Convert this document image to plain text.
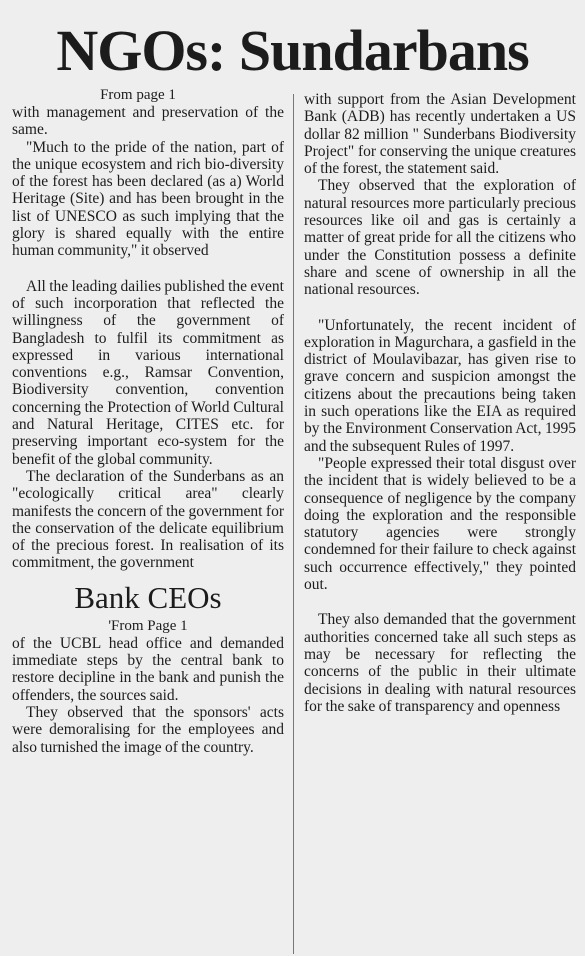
NGOs: Sundarbans
From page 1

with management and preservation of the same.

"Much to the pride of the nation, part of the unique ecosystem and rich bio-diversity of the forest has been declared (as a) World Heritage (Site) and has been brought in the list of UNESCO as such implying that the glory is shared equally with the entire human community," it observed

All the leading dailies published the event of such incorporation that reflected the willingness of the government of Bangladesh to fulfil its commitment as expressed in various international conventions e.g., Ramsar Convention, Biodiversity convention, convention concerning the Protection of World Cultural and Natural Heritage, CITES etc. for preserving important eco-system for the benefit of the global community.

The declaration of the Sunderbans as an "ecologically critical area" clearly manifests the concern of the government for the conservation of the delicate equilibrium of the precious forest. In realisation of its commitment, the government

Bank CEOs
'From Page 1

of the UCBL head office and demanded immediate steps by the central bank to restore decipline in the bank and punish the offenders, the sources said.

They observed that the sponsors' acts were demoralising for the employees and also turnished the image of the country.

with support from the Asian Development Bank (ADB) has recently undertaken a US dollar 82 million " Sunderbans Biodiversity Project" for conserving the unique creatures of the forest, the statement said.

They observed that the exploration of natural resources more particularly precious resources like oil and gas is certainly a matter of great pride for all the citizens who under the Constitution possess a definite share and scene of ownership in all the national resources.

"Unfortunately, the recent incident of exploration in Magurchara, a gasfield in the district of Moulavibazar, has given rise to grave concern and suspicion amongst the citizens about the precautions being taken in such operations like the EIA as required by the Environment Conservation Act, 1995 and the subsequent Rules of 1997.

"People expressed their total disgust over the incident that is widely believed to be a consequence of negligence by the company doing the exploration and the responsible statutory agencies were strongly condemned for their failure to check against such occurrence effectively," they pointed out.

They also demanded that the government authorities concerned take all such steps as may be necessary for reflecting the concerns of the public in their ultimate decisions in dealing with natural resources for the sake of transparency and openness
